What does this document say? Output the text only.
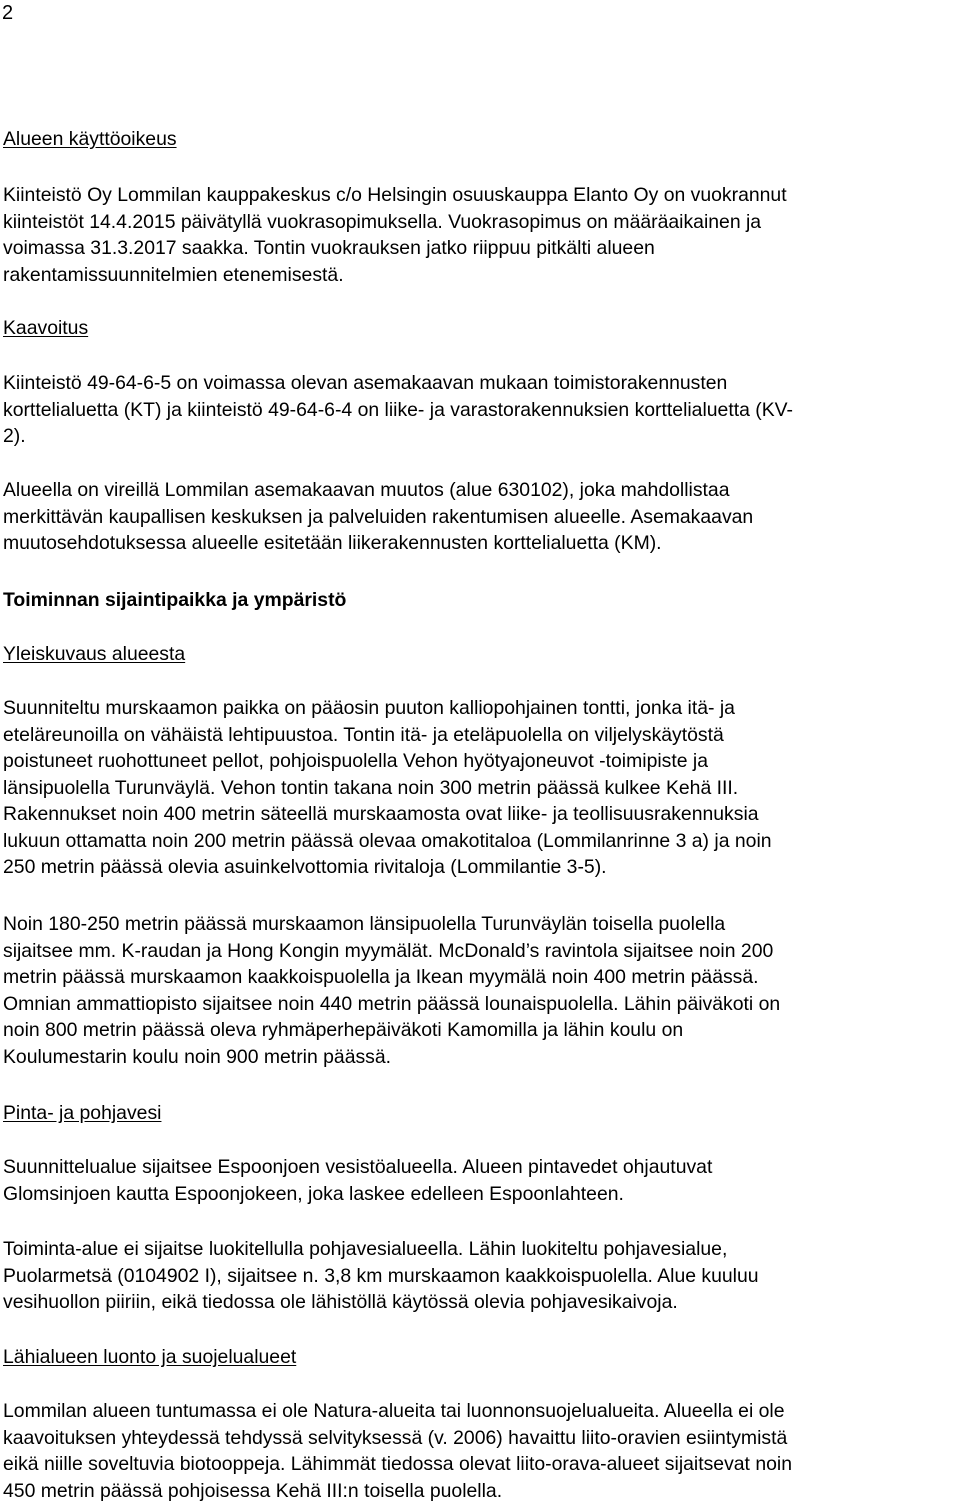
2
Alueen käyttöoikeus
Kiinteistö Oy Lommilan kauppakeskus c/o Helsingin osuuskauppa Elanto Oy on vuokrannut
kiinteistöt 14.4.2015 päivätyllä vuokrasopimuksella. Vuokrasopimus on määräaikainen ja
voimassa 31.3.2017 saakka. Tontin vuokrauksen jatko riippuu pitkälti alueen
rakentamissuunnitelmien etenemisestä.
Kaavoitus
Kiinteistö 49-64-6-5 on voimassa olevan asemakaavan mukaan toimistorakennusten
korttelialuetta (KT) ja kiinteistö 49-64-6-4 on liike- ja varastorakennuksien korttelialuetta (KV-
2).
Alueella on vireillä Lommilan asemakaavan muutos (alue 630102), joka mahdollistaa
merkittävän kaupallisen keskuksen ja palveluiden rakentumisen alueelle. Asemakaavan
muutosehdotuksessa alueelle esitetään liikerakennusten korttelialuetta (KM).
Toiminnan sijaintipaikka ja ympäristö
Yleiskuvaus alueesta
Suunniteltu murskaamon paikka on pääosin puuton kalliopohjainen tontti, jonka itä- ja
eteläreunoilla on vähäistä lehtipuustoa. Tontin itä- ja eteläpuolella on viljelyskäytöstä
poistuneet ruohottuneet pellot, pohjoispuolella Vehon hyötyajoneuvot -toimipiste ja
länsipuolella Turunväylä. Vehon tontin takana noin 300 metrin päässä kulkee Kehä III.
Rakennukset noin 400 metrin säteellä murskaamosta ovat liike- ja teollisuusrakennuksia
lukuun ottamatta noin 200 metrin päässä olevaa omakotitaloa (Lommilanrinne 3 a) ja noin
250 metrin päässä olevia asuinkelvottomia rivitaloja (Lommilantie 3-5).
Noin 180-250 metrin päässä murskaamon länsipuolella Turunväylän toisella puolella
sijaitsee mm. K-raudan ja Hong Kongin myymälät. McDonald’s ravintola sijaitsee noin 200
metrin päässä murskaamon kaakkoispuolella ja Ikean myymälä noin 400 metrin päässä.
Omnian ammattiopisto sijaitsee noin 440 metrin päässä lounaispuolella. Lähin päiväkoti on
noin 800 metrin päässä oleva ryhmäperhepäiväkoti Kamomilla ja lähin koulu on
Koulumestarin koulu noin 900 metrin päässä.
Pinta- ja pohjavesi
Suunnittelualue sijaitsee Espoonjoen vesistöalueella. Alueen pintavedet ohjautuvat
Glomsinjoen kautta Espoonjokeen, joka laskee edelleen Espoonlahteen.
Toiminta-alue ei sijaitse luokitellulla pohjavesialueella. Lähin luokiteltu pohjavesialue,
Puolarmetsä (0104902 I), sijaitsee n. 3,8 km murskaamon kaakkoispuolella. Alue kuuluu
vesihuollon piiriin, eikä tiedossa ole lähistöllä käytössä olevia pohjavesikaivoja.
Lähialueen luonto ja suojelualueet
Lommilan alueen tuntumassa ei ole Natura-alueita tai luonnonsuojelualueita. Alueella ei ole
kaavoituksen yhteydessä tehdyssä selvityksessä (v. 2006) havaittu liito-oravien esiintymistä
eikä niille soveltuvia biotooppeja. Lähimmät tiedossa olevat liito-orava-alueet sijaitsevat noin
450 metrin päässä pohjoisessa Kehä III:n toisella puolella.
